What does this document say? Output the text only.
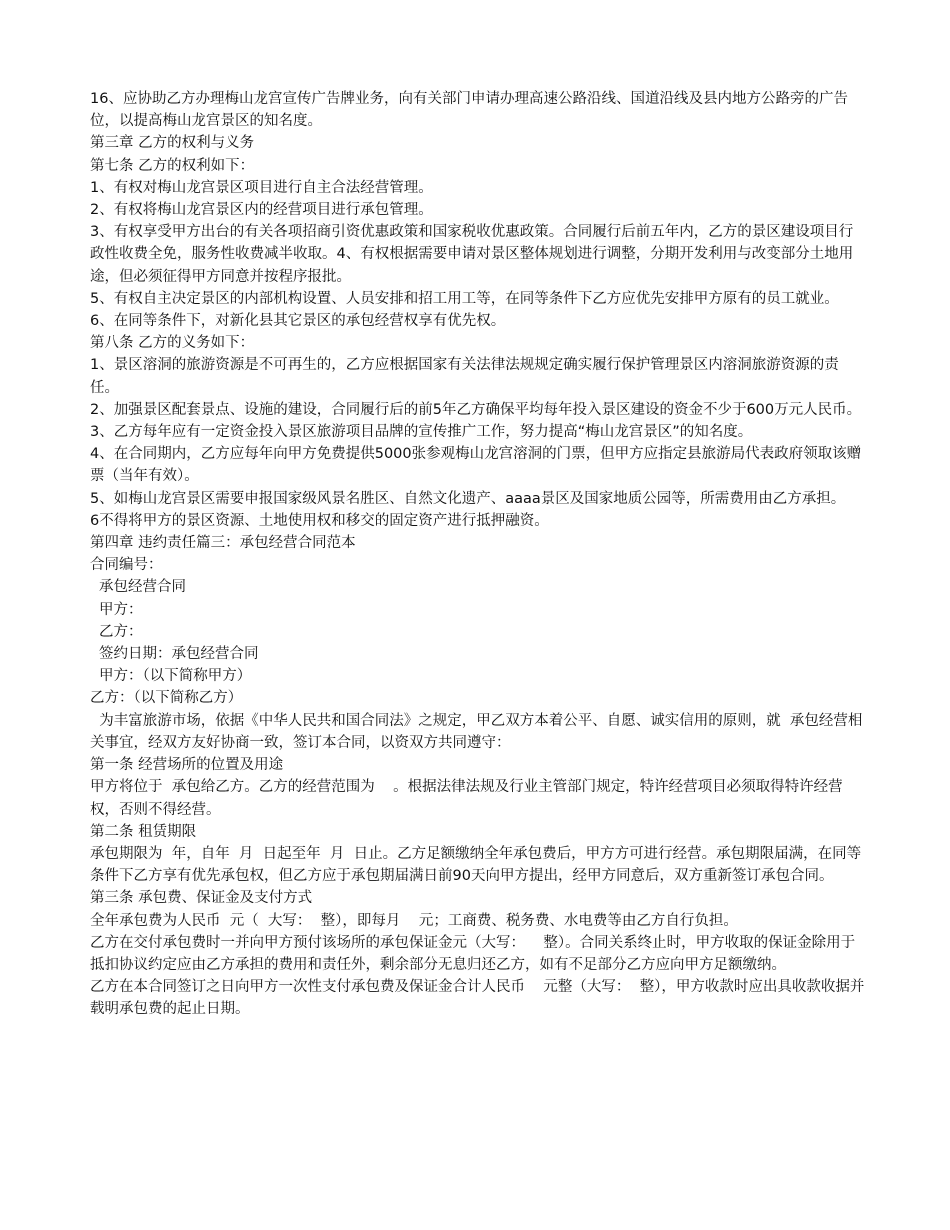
16、应协助乙方办理梅山龙宫宣传广告牌业务，向有关部门申请办理高速公路沿线、国道沿线及县内地方公路旁的广告位，以提高梅山龙宫景区的知名度。

第三章 乙方的权利与义务

第七条 乙方的权利如下：

1、有权对梅山龙宫景区项目进行自主合法经营管理。

2、有权将梅山龙宫景区内的经营项目进行承包管理。

3、有权享受甲方出台的有关各项招商引资优惠政策和国家税收优惠政策。合同履行后前五年内，乙方的景区建设项目行政性收费全免，服务性收费减半收取。4、有权根据需要申请对景区整体规划进行调整，分期开发利用与改变部分土地用途，但必须征得甲方同意并按程序报批。

5、有权自主决定景区的内部机构设置、人员安排和招工用工等，在同等条件下乙方应优先安排甲方原有的员工就业。

6、在同等条件下，对新化县其它景区的承包经营权享有优先权。

第八条 乙方的义务如下：

1、景区溶洞的旅游资源是不可再生的，乙方应根据国家有关法律法规规定确实履行保护管理景区内溶洞旅游资源的责任。

2、加强景区配套景点、设施的建设，合同履行后的前5年乙方确保平均每年投入景区建设的资金不少于600万元人民币。

3、乙方每年应有一定资金投入景区旅游项目品牌的宣传推广工作，努力提高“梅山龙宫景区”的知名度。

4、在合同期内，乙方应每年向甲方免费提供5000张参观梅山龙宫溶洞的门票，但甲方应指定县旅游局代表政府领取该赠票（当年有效）。

5、如梅山龙宫景区需要申报国家级风景名胜区、自然文化遗产、aaaa景区及国家地质公园等，所需费用由乙方承担。

6不得将甲方的景区资源、土地使用权和移交的固定资产进行抵押融资。

第四章 违约责任篇三：承包经营合同范本

合同编号：

承包经营合同

甲方：

乙方：

签约日期：承包经营合同

甲方：（以下简称甲方）

乙方：（以下简称乙方）

为丰富旅游市场，依据《中华人民共和国合同法》之规定，甲乙双方本着公平、自愿、诚实信用的原则，就  承包经营相关事宜，经双方友好协商一致，签订本合同，以资双方共同遵守：

第一条 经营场所的位置及用途

甲方将位于  承包给乙方。乙方的经营范围为    。根据法律法规及行业主管部门规定，特许经营项目必须取得特许经营权，否则不得经营。

第二条 租赁期限

承包期限为  年，自年  月  日起至年  月  日止。乙方足额缴纳全年承包费后，甲方方可进行经营。承包期限届满，在同等条件下乙方享有优先承包权，但乙方应于承包期届满日前90天向甲方提出，经甲方同意后，双方重新签订承包合同。

第三条 承包费、保证金及支付方式

全年承包费为人民币  元（  大写：  整），即每月    元；工商费、税务费、水电费等由乙方自行负担。

乙方在交付承包费时一并向甲方预付该场所的承包保证金元（大写：    整）。合同关系终止时，甲方收取的保证金除用于抵扣协议约定应由乙方承担的费用和责任外，剩余部分无息归还乙方，如有不足部分乙方应向甲方足额缴纳。

乙方在本合同签订之日向甲方一次性支付承包费及保证金合计人民币    元整（大写：  整），甲方收款时应出具收款收据并载明承包费的起止日期。
